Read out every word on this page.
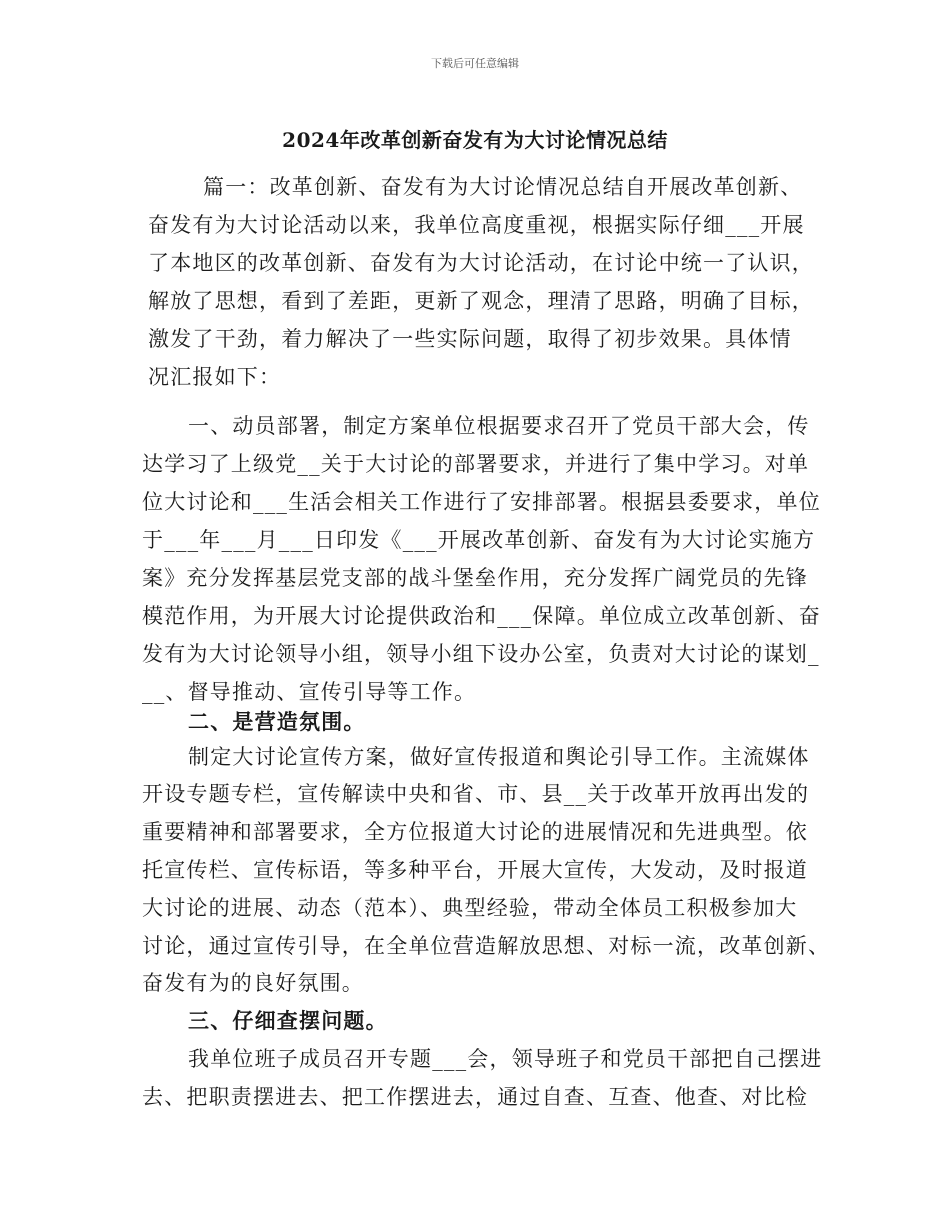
下载后可任意编辑
2024年改革创新奋发有为大讨论情况总结
篇一：改革创新、奋发有为大讨论情况总结自开展改革创新、
奋发有为大讨论活动以来，我单位高度重视，根据实际仔细___开展
了本地区的改革创新、奋发有为大讨论活动，在讨论中统一了认识，
解放了思想，看到了差距，更新了观念，理清了思路，明确了目标，
激发了干劲，着力解决了一些实际问题，取得了初步效果。具体情
况汇报如下：
一、动员部署，制定方案单位根据要求召开了党员干部大会，传
达学习了上级党__关于大讨论的部署要求，并进行了集中学习。对单
位大讨论和___生活会相关工作进行了安排部署。根据县委要求，单位
于___年___月___日印发《___开展改革创新、奋发有为大讨论实施方
案》充分发挥基层党支部的战斗堡垒作用，充分发挥广阔党员的先锋
模范作用，为开展大讨论提供政治和___保障。单位成立改革创新、奋
发有为大讨论领导小组，领导小组下设办公室，负责对大讨论的谋划_
__、督导推动、宣传引导等工作。
二、是营造氛围。
制定大讨论宣传方案，做好宣传报道和舆论引导工作。主流媒体
开设专题专栏，宣传解读中央和省、市、县__关于改革开放再出发的
重要精神和部署要求，全方位报道大讨论的进展情况和先进典型。依
托宣传栏、宣传标语，等多种平台，开展大宣传，大发动，及时报道
大讨论的进展、动态（范本）、典型经验，带动全体员工积极参加大
讨论，通过宣传引导，在全单位营造解放思想、对标一流，改革创新、
奋发有为的良好氛围。
三、仔细查摆问题。
我单位班子成员召开专题___会，领导班子和党员干部把自己摆进
去、把职责摆进去、把工作摆进去，通过自查、互查、他查、对比检
